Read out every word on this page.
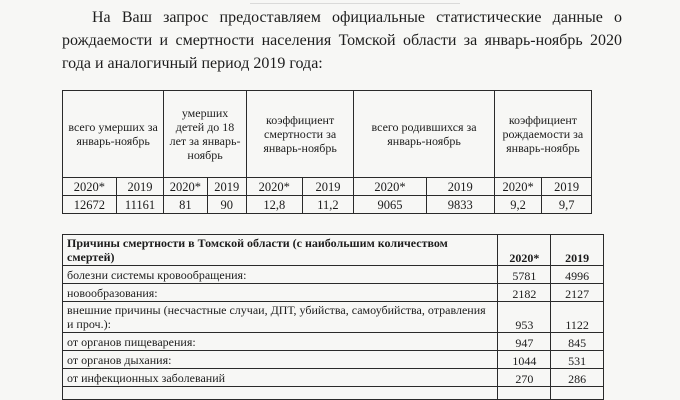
На Ваш запрос предоставляем официальные статистические данные о рождаемости и смертности населения Томской области за январь-ноябрь 2020 года и аналогичный период 2019 года:

всего умерших за январь-ноябрь		умерших детей до 18 лет за январь-ноябрь		коэффициент смертности за январь-ноябрь		всего родившихся за январь-ноябрь		коэффициент рождаемости за январь-ноябрь	
2020*	2019	2020*	2019	2020*	2019	2020*	2019	2020*	2019
12672	11161	81	90	12,8	11,2	9065	9833	9,2	9,7
Причины смертности в Томской области (с наибольшим количеством смертей)	2020*	2019
болезни системы кровообращения:	5781	4996
новообразования:	2182	2127
внешние причины (несчастные случаи, ДПТ, убийства, самоубийства, отравления и проч.):	953	1122
от органов пищеварения:	947	845
от органов дыхания:	1044	531
от инфекционных заболеваний	270	286
